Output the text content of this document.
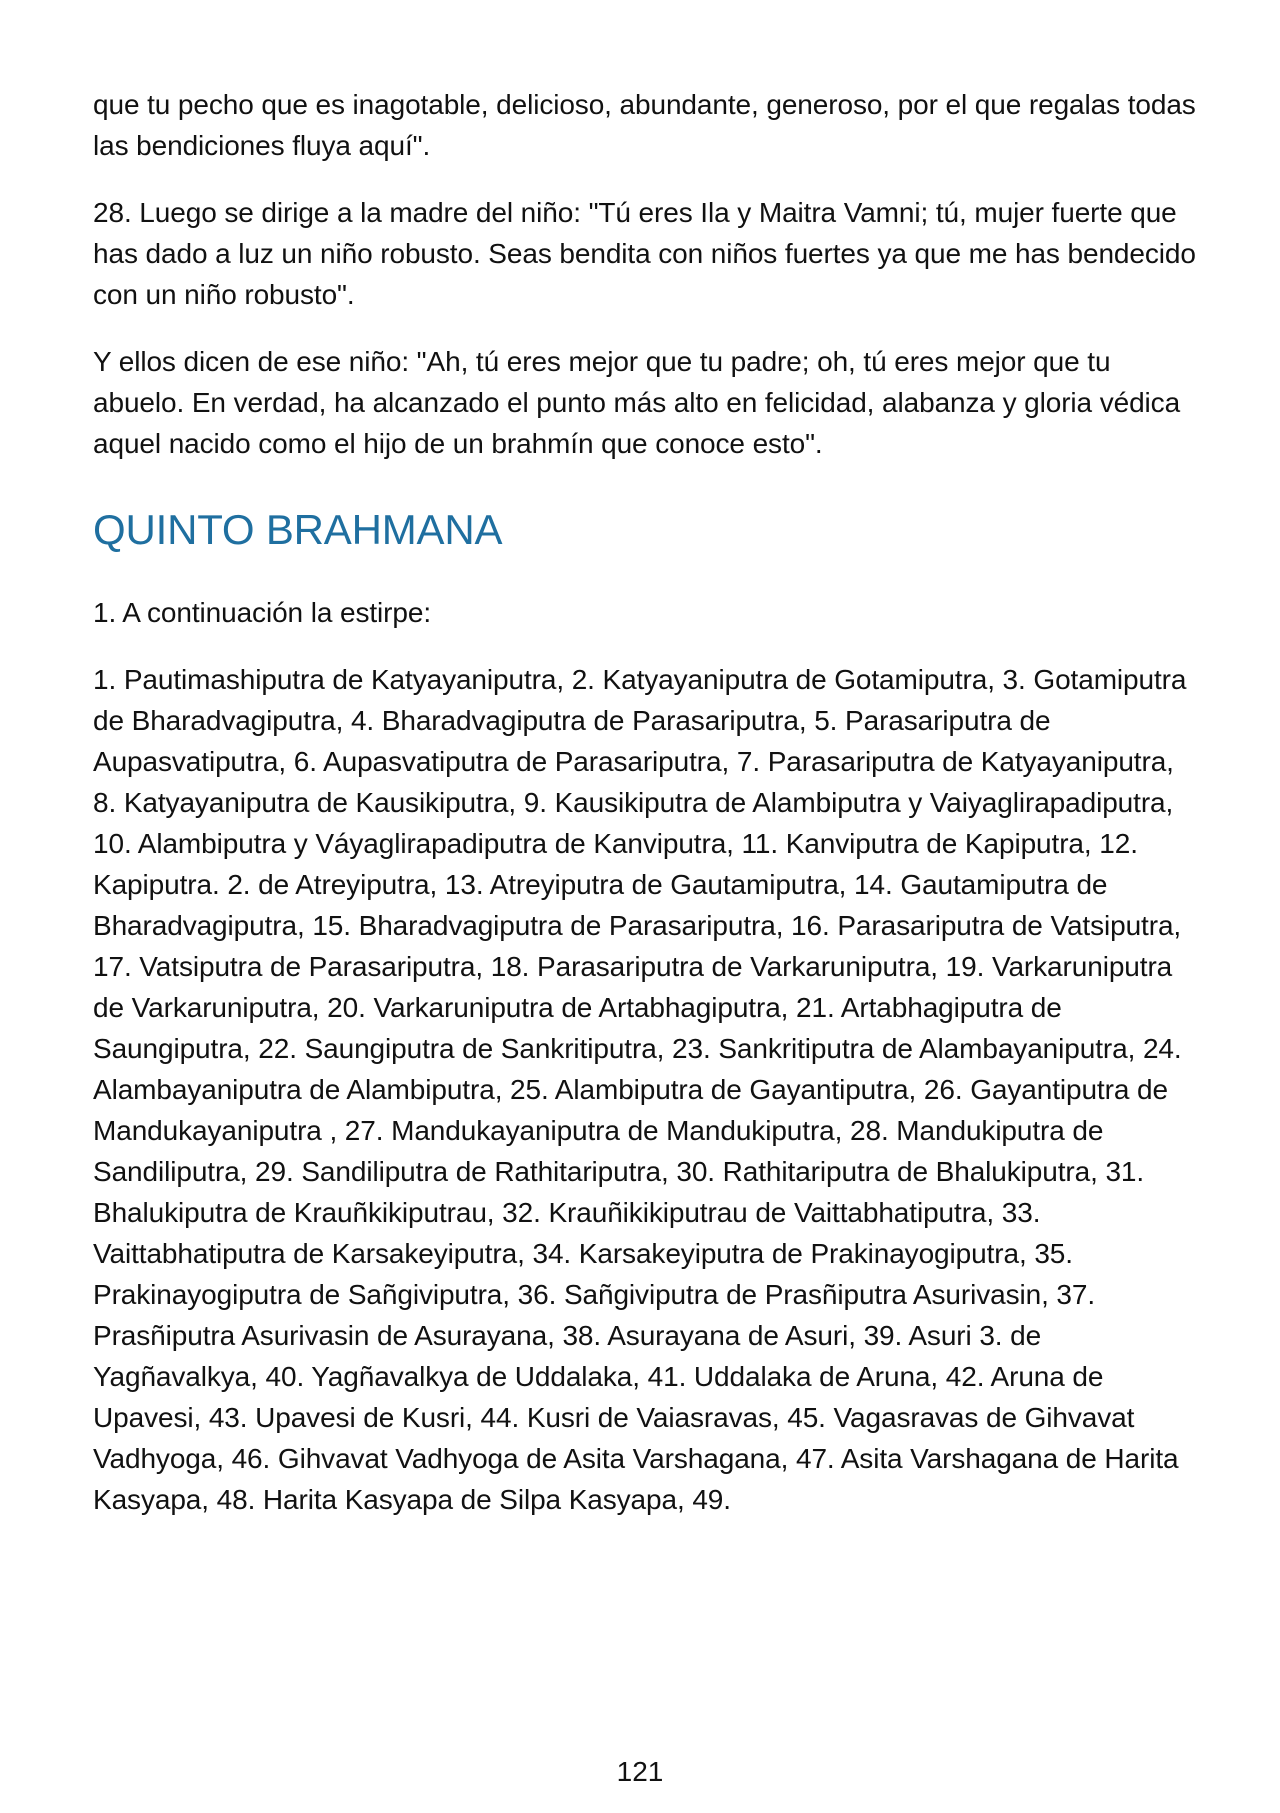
que tu pecho que es inagotable, delicioso, abundante, generoso, por el que regalas todas las bendiciones fluya aquí".

28. Luego se dirige a la madre del niño: "Tú eres Ila y Maitra Vamni; tú, mujer fuerte que has dado a luz un niño robusto. Seas bendita con niños fuertes ya que me has bendecido con un niño robusto".

Y ellos dicen de ese niño: "Ah, tú eres mejor que tu padre; oh, tú eres mejor que tu abuelo. En verdad, ha alcanzado el punto más alto en felicidad, alabanza y gloria védica aquel nacido como el hijo de un brahmín que conoce esto".

QUINTO BRAHMANA

1. A continuación la estirpe:

1. Pautimashiputra de Katyayaniputra, 2. Katyayaniputra de Gotamiputra, 3. Gotamiputra de Bharadvagiputra, 4. Bharadvagiputra de Parasariputra, 5. Parasariputra de Aupasvatiputra, 6. Aupasvatiputra de Parasariputra, 7. Parasariputra de Katyayaniputra, 8. Katyayaniputra de Kausikiputra, 9. Kausikiputra de Alambiputra y Vaiyaglirapadiputra, 10. Alambiputra y Váyaglirapadiputra de Kanviputra, 11. Kanviputra de Kapiputra, 12. Kapiputra. 2. de Atreyiputra, 13. Atreyiputra de Gautamiputra, 14. Gautamiputra de Bharadvagiputra, 15. Bharadvagiputra de Parasariputra, 16. Parasariputra de Vatsiputra, 17. Vatsiputra de Parasariputra, 18. Parasariputra de Varkaruniputra, 19. Varkaruniputra de Varkaruniputra, 20. Varkaruniputra de Artabhagiputra, 21. Artabhagiputra de Saungiputra, 22. Saungiputra de Sankritiputra, 23. Sankritiputra de Alambayaniputra, 24. Alambayaniputra de Alambiputra, 25. Alambiputra de Gayantiputra, 26. Gayantiputra de Mandukayaniputra , 27. Mandukayaniputra de Mandukiputra, 28. Mandukiputra de Sandiliputra, 29. Sandiliputra de Rathitariputra, 30. Rathitariputra de Bhalukiputra, 31. Bhalukiputra de Krauñkikiputrau, 32. Krauñikikiputrau de Vaittabhatiputra, 33. Vaittabhatiputra de Karsakeyiputra, 34. Karsakeyiputra de Prakinayogiputra, 35. Prakinayogiputra de Sañgiviputra, 36. Sañgiviputra de Prasñiputra Asurivasin, 37. Prasñiputra Asurivasin de Asurayana, 38. Asurayana de Asuri, 39. Asuri 3. de Yagñavalkya, 40. Yagñavalkya de Uddalaka, 41. Uddalaka de Aruna, 42. Aruna de Upavesi, 43. Upavesi de Kusri, 44. Kusri de Vaiasravas, 45. Vagasravas de Gihvavat Vadhyoga, 46. Gihvavat Vadhyoga de Asita Varshagana, 47. Asita Varshagana de Harita Kasyapa, 48. Harita Kasyapa de Silpa Kasyapa, 49.

121
